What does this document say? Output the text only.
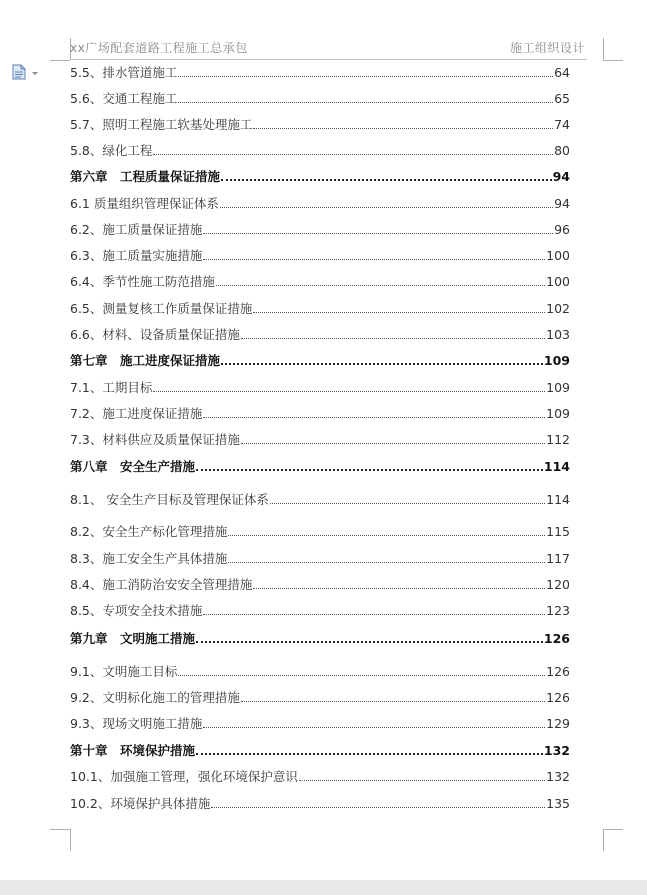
xx广场配套道路工程施工总承包	施工组织设计
5.5、排水管道施工	64
5.6、交通工程施工	65
5.7、照明工程施工软基处理施工	74
5.8、绿化工程	80
第六章　工程质量保证措施	94
6.1 质量组织管理保证体系	94
6.2、施工质量保证措施	96
6.3、施工质量实施措施	100
6.4、季节性施工防范措施	100
6.5、测量复核工作质量保证措施	102
6.6、材料、设备质量保证措施	103
第七章　施工进度保证措施	109
7.1、工期目标	109
7.2、施工进度保证措施	109
7.3、材料供应及质量保证措施	112
第八章　安全生产措施	114
8.1、 安全生产目标及管理保证体系	114
8.2、安全生产标化管理措施	115
8.3、施工安全生产具体措施	117
8.4、施工消防治安安全管理措施	120
8.5、专项安全技术措施	123
第九章　文明施工措施	126
9.1、文明施工目标	126
9.2、文明标化施工的管理措施	126
9.3、现场文明施工措施	129
第十章　环境保护措施	132
10.1、加强施工管理，强化环境保护意识	132
10.2、环境保护具体措施	135
